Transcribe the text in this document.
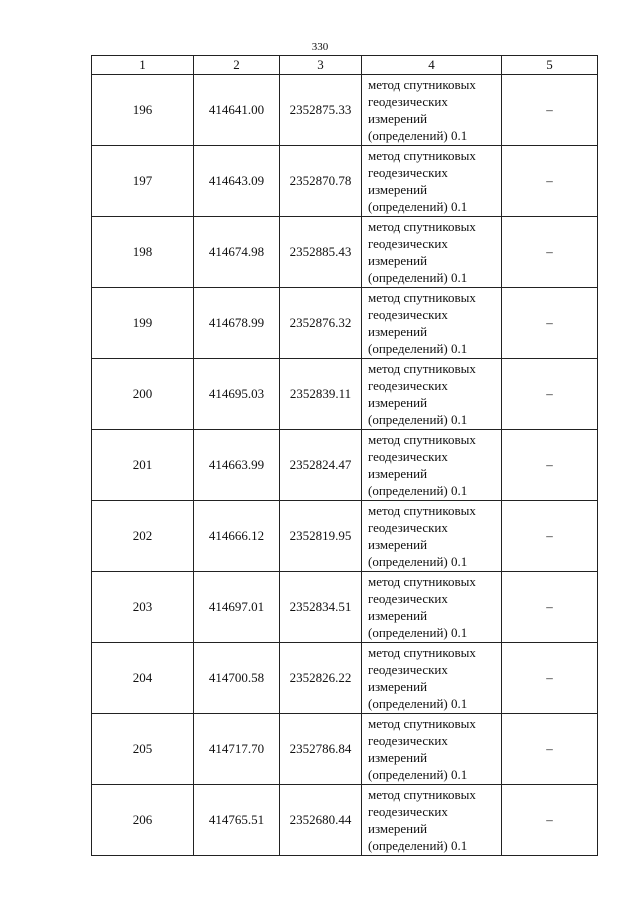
330
1	2	3	4	5
196	414641.00	2352875.33	метод спутниковых геодезических измерений (определений) 0.1	–
197	414643.09	2352870.78	метод спутниковых геодезических измерений (определений) 0.1	–
198	414674.98	2352885.43	метод спутниковых геодезических измерений (определений) 0.1	–
199	414678.99	2352876.32	метод спутниковых геодезических измерений (определений) 0.1	–
200	414695.03	2352839.11	метод спутниковых геодезических измерений (определений) 0.1	–
201	414663.99	2352824.47	метод спутниковых геодезических измерений (определений) 0.1	–
202	414666.12	2352819.95	метод спутниковых геодезических измерений (определений) 0.1	–
203	414697.01	2352834.51	метод спутниковых геодезических измерений (определений) 0.1	–
204	414700.58	2352826.22	метод спутниковых геодезических измерений (определений) 0.1	–
205	414717.70	2352786.84	метод спутниковых геодезических измерений (определений) 0.1	–
206	414765.51	2352680.44	метод спутниковых геодезических измерений (определений) 0.1	–
